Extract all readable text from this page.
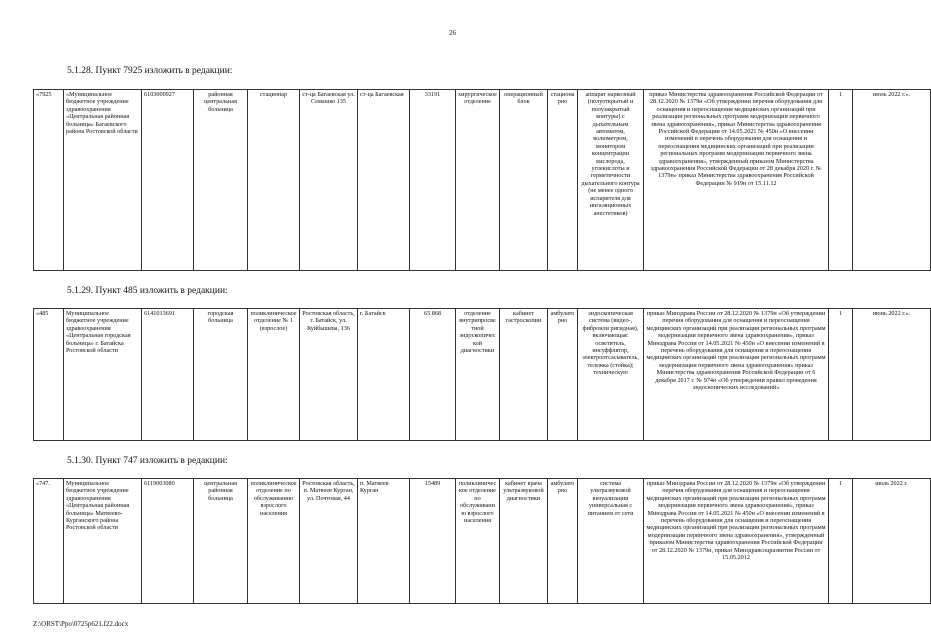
26
5.1.28. Пункт 7925 изложить в редакции:
«7925	«Муниципальное бюджетное учреждение здравоохранения «Центральная районная больница» Багаевского района Ростовской области	6103000927	районная центральная больница	стационар	ст-ца Багаевская ул. Семашко 135	ст-ца Багаевская	33191	хирургическое отделение	операционный блок	стационарно	аппарат наркозный (полуоткрытый и полузакрытый контуры) с дыхательным автоматом, волюметром, монитором концентрации кислорода, углекислоты и герметичности дыхательного контура (не менее одного испарителя для ингаляционных анестетиков)	приказ Министерства здравоохранения Российской Федерации от 28.12.2020 № 1379н «Об утверждении перечня оборудования для оснащения и переоснащения медицинских организаций при реализации региональных программ модернизации первичного звена здравоохранения», приказ Министерства здравоохранения Российской Федерации от 14.05.2021 № 450н «О внесении изменений в перечень оборудования для оснащения и переоснащения медицинских организаций при реализации региональных программ модернизации первичного звена здравоохранения», утвержденный приказом Министерства здравоохранения Российской Федерации от 28 декабря 2020 г. № 1379н» приказ Министерства здравоохранения Российской Федерации № 919н от 15.11.12	1	июль 2022 г.».
5.1.29. Пункт 485 изложить в редакции:
«485	Муниципальное бюджетное учреждение здравоохранения «Центральная городская больница» г. Батайска Ростовской области	6141013691	городская больница	поликлиническое отделение № 1 (взрослое)	Ростовская область, г. Батайск, ул. Куйбышева, 136	г. Батайск	65 868	отделение внутрипросветной эндоскопической диагностики	кабинет гастроскопии	амбулаторно	эндоскопическая система (видео-, фиброили ригидная), включающая: осветитель, инсуффлятор, электроотсасыватель, тележка (стойка); техническую	приказ Минздрава России от 28.12.2020 № 1379н «Об утверждении перечня оборудования для оснащения и переоснащения медицинских организаций при реализации региональных программ модернизации первичного звена здравоохранения», приказ Минздрава России от 14.05.2021 № 450н «О внесении изменений в перечень оборудования для оснащения и переоснащения медицинских организаций при реализации региональных программ модернизации первичного звена здравоохранения» приказ Министерства здравоохранения Российской Федерации от 6 декабря 2017 г. № 974н «Об утверждении правил проведения эндоскопических исследований»	1	июнь 2022 г.».
5.1.30. Пункт 747 изложить в редакции:
«747.	Муниципальное бюджетное учреждение здравоохранения «Центральная районная больница» Матвеево-Курганского района Ростовской области	6119003080	центральная районная больница	поликлиническое отделение по обслуживанию взрослого населения	Ростовская область, п. Матвеев Курган, ул. Почтовая, 44	п. Матвеев Курган	15489	поликлиническое отделение по обслуживанию взрослого населения	кабинет врача ультразвуковой диагностики	амбулаторно	система ультразвуковой визуализации универсальная с питанием от сети	приказ Минздрава России от 28.12.2020 № 1379н «Об утверждении перечня оборудования для оснащения и переоснащения медицинских организаций при реализации региональных программ модернизации первичного звена здравоохранения», приказ Минздрава России от 14.05.2021 № 450н «О внесении изменений в перечень оборудования для оснащения и переоснащения медицинских организаций при реализации региональных программ модернизации первичного звена здравоохранения», утвержденный приказом Министерства здравоохранения Российской Федерации от 28.12.2020 № 1379н, приказ Минздравсоцразвития России от 15.05.2012	1	июль 2022 г.
Z:\ORST\Ppo\0725p621.f22.docx
